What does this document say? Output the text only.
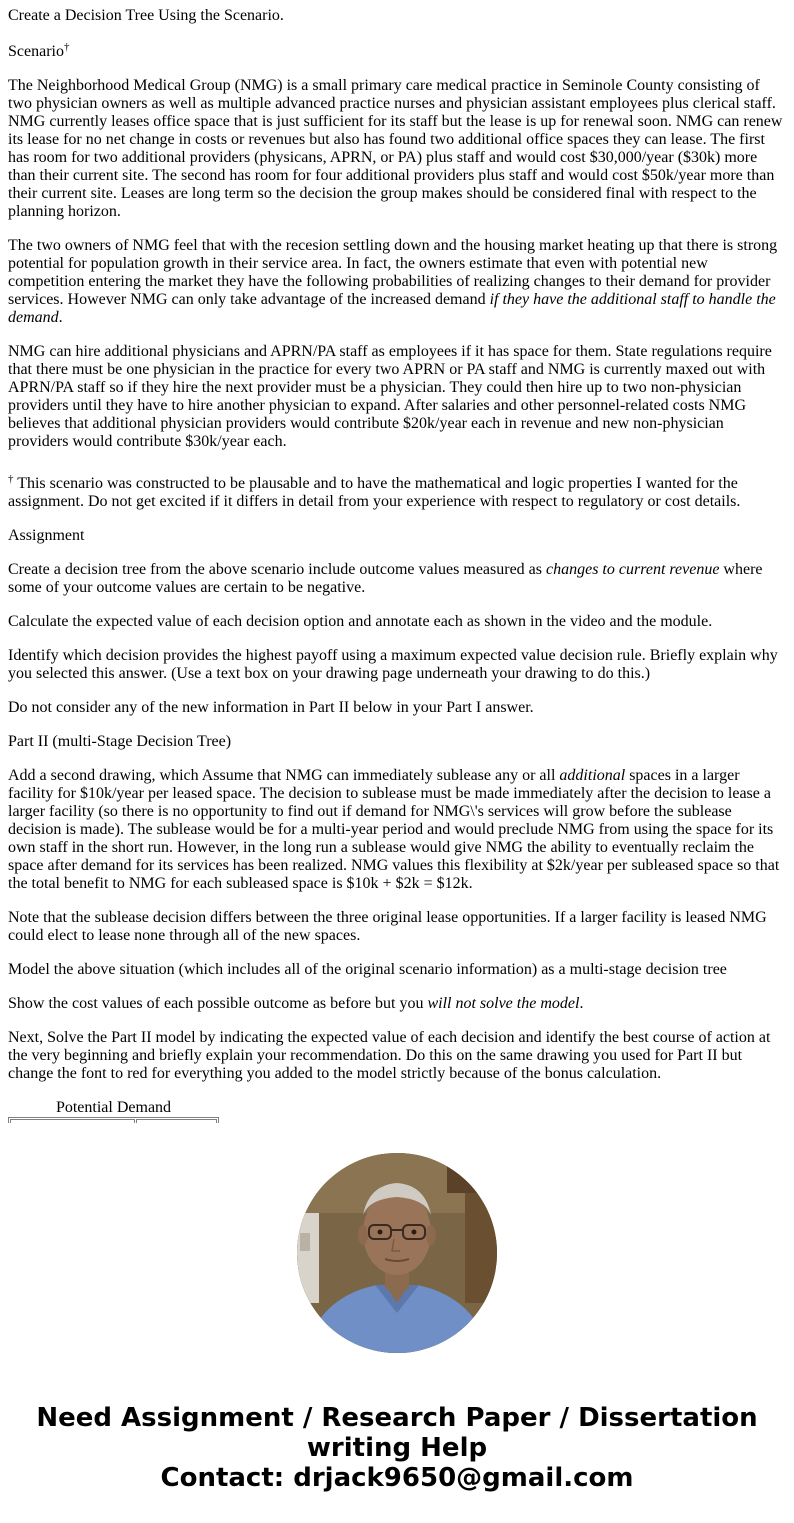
Create a Decision Tree Using the Scenario.

Scenario†

The Neighborhood Medical Group (NMG) is a small primary care medical practice in Seminole County consisting of two physician owners as well as multiple advanced practice nurses and physician assistant employees plus clerical staff. NMG currently leases office space that is just sufficient for its staff but the lease is up for renewal soon. NMG can renew its lease for no net change in costs or revenues but also has found two additional office spaces they can lease. The first has room for two additional providers (physicans, APRN, or PA) plus staff and would cost $30,000/year ($30k) more than their current site. The second has room for four additional providers plus staff and would cost $50k/year more than their current site. Leases are long term so the decision the group makes should be considered final with respect to the planning horizon.

The two owners of NMG feel that with the recesion settling down and the housing market heating up that there is strong potential for population growth in their service area. In fact, the owners estimate that even with potential new competition entering the market they have the following probabilities of realizing changes to their demand for provider services. However NMG can only take advantage of the increased demand if they have the additional staff to handle the demand.

NMG can hire additional physicians and APRN/PA staff as employees if it has space for them. State regulations require that there must be one physician in the practice for every two APRN or PA staff and NMG is currently maxed out with APRN/PA staff so if they hire the next provider must be a physician. They could then hire up to two non-physician providers until they have to hire another physician to expand. After salaries and other personnel-related costs NMG believes that additional physician providers would contribute $20k/year each in revenue and new non-physician providers would contribute $30k/year each.

† This scenario was constructed to be plausable and to have the mathematical and logic properties I wanted for the assignment. Do not get excited if it differs in detail from your experience with respect to regulatory or cost details.

Assignment

Create a decision tree from the above scenario include outcome values measured as changes to current revenue where some of your outcome values are certain to be negative.

Calculate the expected value of each decision option and annotate each as shown in the video and the module.

Identify which decision provides the highest payoff using a maximum expected value decision rule. Briefly explain why you selected this answer. (Use a text box on your drawing page underneath your drawing to do this.)

Do not consider any of the new information in Part II below in your Part I answer.

Part II (multi-Stage Decision Tree)

Add a second drawing, which Assume that NMG can immediately sublease any or all additional spaces in a larger facility for $10k/year per leased space. The decision to sublease must be made immediately after the decision to lease a larger facility (so there is no opportunity to find out if demand for NMG\'s services will grow before the sublease decision is made). The sublease would be for a multi-year period and would preclude NMG from using the space for its own staff in the short run. However, in the long run a sublease would give NMG the ability to eventually reclaim the space after demand for its services has been realized. NMG values this flexibility at $2k/year per subleased space so that the total benefit to NMG for each subleased space is $10k + $2k = $12k.

Note that the sublease decision differs between the three original lease opportunities. If a larger facility is leased NMG could elect to lease none through all of the new spaces.

Model the above situation (which includes all of the original scenario information) as a multi-stage decision tree

Show the cost values of each possible outcome as before but you will not solve the model.

Next, Solve the Part II model by indicating the expected value of each decision and identify the best course of action at the very beginning and briefly explain your recommendation. Do this on the same drawing you used for Part II but change the font to red for everything you added to the model strictly because of the bonus calculation.

Potential Demand
Need Assignment / Research Paper / Dissertation
writing Help
Contact: drjack9650@gmail.com
